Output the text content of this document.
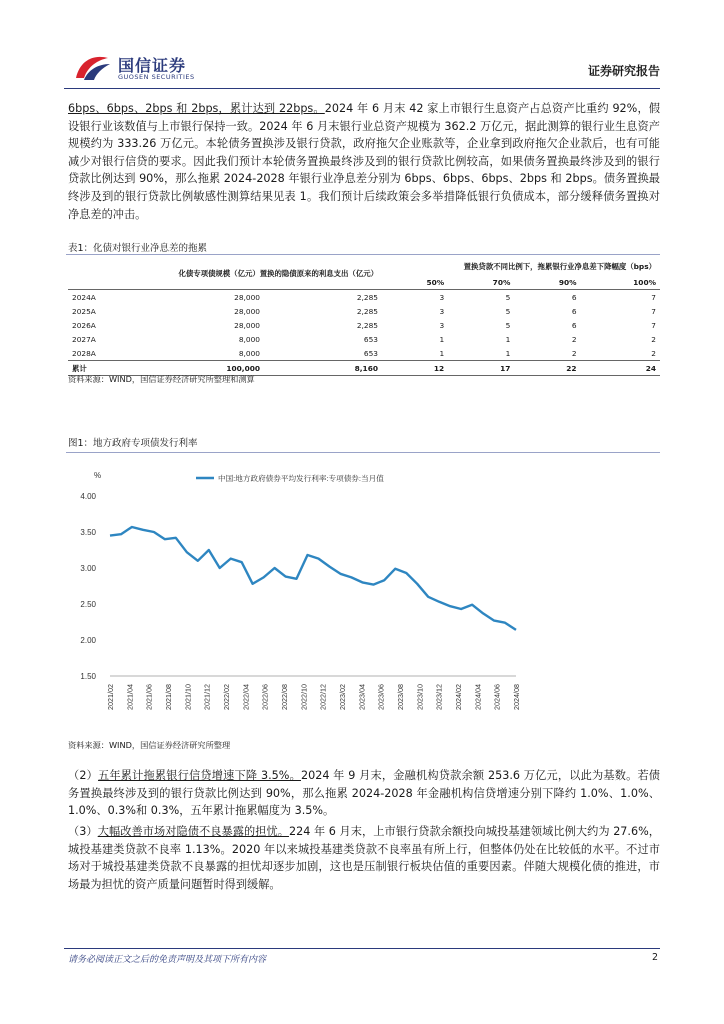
国信证券
GUOSEN SECURITIES	证券研究报告
6bps、6bps、2bps 和 2bps，累计达到 22bps。2024 年 6 月末 42 家上市银行生息资产占总资产比重约 92%，假设银行业该数值与上市银行保持一致。2024 年 6 月末银行业总资产规模为 362.2 万亿元，据此测算的银行业生息资产规模约为 333.26 万亿元。本轮债务置换涉及银行贷款，政府拖欠企业账款等，企业拿到政府拖欠企业款后，也有可能减少对银行信贷的要求。因此我们预计本轮债务置换最终涉及到的银行贷款比例较高，如果债务置换最终涉及到的银行贷款比例达到 90%，那么拖累 2024-2028 年银行业净息差分别为 6bps、6bps、6bps、2bps 和 2bps。债务置换最终涉及到的银行贷款比例敏感性测算结果见表 1。我们预计后续政策会多举措降低银行负债成本，部分缓释债务置换对净息差的冲击。
表1：化债对银行业净息差的拖累
	化债专项债规模（亿元）置换的隐债原来的利息支出（亿元）		置换贷款不同比例下，拖累银行业净息差下降幅度（bps）			
			50%	70%	90%	100%
2024A	28,000	2,285	3	5	6	7
2025A	28,000	2,285	3	5	6	7
2026A	28,000	2,285	3	5	6	7
2027A	8,000	653	1	1	2	2
2028A	8,000	653	1	1	2	2
累计	100,000	8,160	12	17	22	24
资料来源：WIND，国信证券经济研究所整理和测算
图1：地方政府专项债发行利率
%	中国:地方政府债券平均发行利率:专项债券:当月值
4.00
3.50
3.00
2.50
2.00
1.50
2021/02 2021/04 2021/06 2021/08 2021/10 2021/12 2022/02 2022/04 2022/06 2022/08 2022/10 2022/12 2023/02 2023/04 2023/06 2023/08 2023/10 2023/12 2024/02 2024/04 2024/06 2024/08
资料来源：WIND，国信证券经济研究所整理
（2）五年累计拖累银行信贷增速下降 3.5%。2024 年 9 月末，金融机构贷款余额 253.6 万亿元，以此为基数。若债务置换最终涉及到的银行贷款比例达到 90%，那么拖累 2024-2028 年金融机构信贷增速分别下降约 1.0%、1.0%、1.0%、0.3%和 0.3%，五年累计拖累幅度为 3.5%。
（3）大幅改善市场对隐债不良暴露的担忧。224 年 6 月末，上市银行贷款余额投向城投基建领域比例大约为 27.6%，城投基建类贷款不良率 1.13%。2020 年以来城投基建类贷款不良率虽有所上行，但整体仍处在比较低的水平。不过市场对于城投基建类贷款不良暴露的担忧却逐步加剧，这也是压制银行板块估值的重要因素。伴随大规模化债的推进，市场最为担忧的资产质量问题暂时得到缓解。
请务必阅读正文之后的免责声明及其项下所有内容	2
